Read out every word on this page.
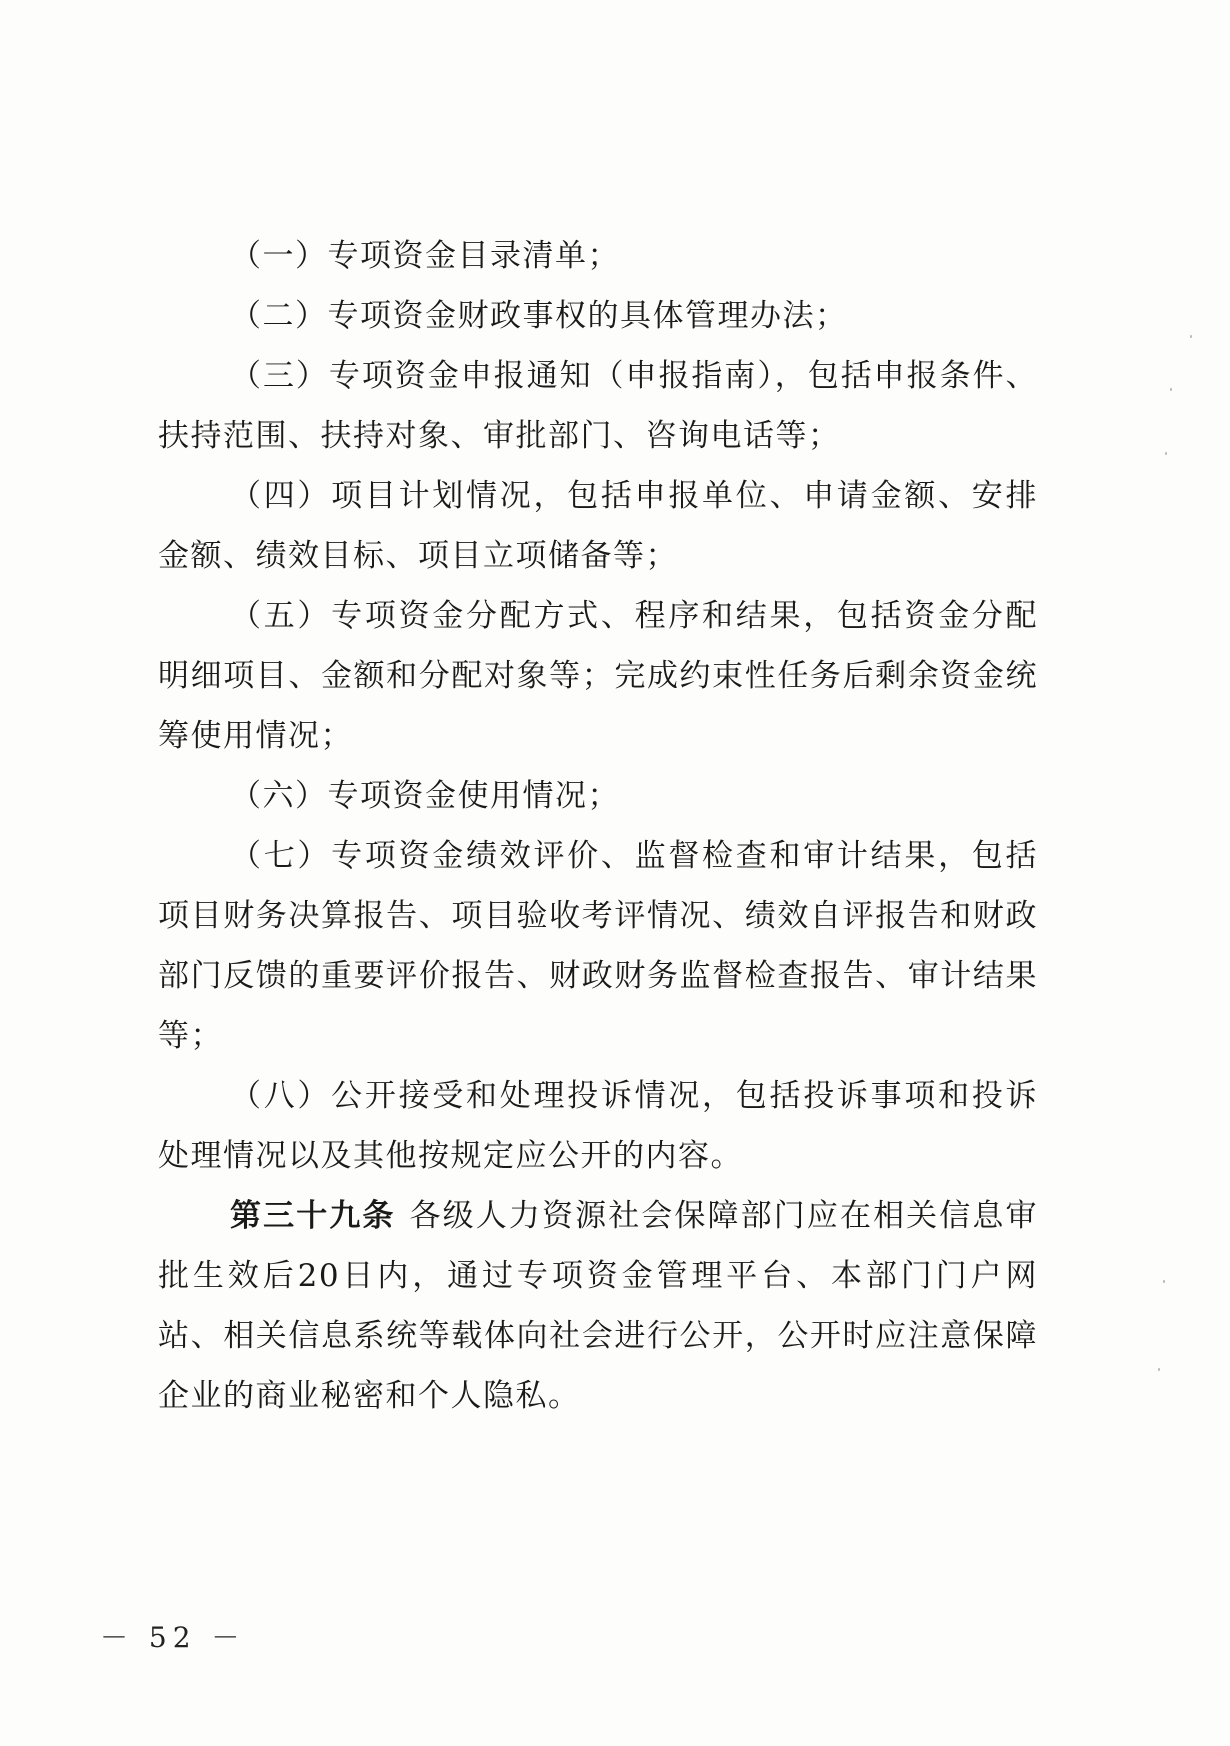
（一）专项资金目录清单；

（二）专项资金财政事权的具体管理办法；

（三）专项资金申报通知（申报指南），包括申报条件、扶持范围、扶持对象、审批部门、咨询电话等；

（四）项目计划情况，包括申报单位、申请金额、安排金额、绩效目标、项目立项储备等；

（五）专项资金分配方式、程序和结果，包括资金分配明细项目、金额和分配对象等；完成约束性任务后剩余资金统筹使用情况；

（六）专项资金使用情况；

（七）专项资金绩效评价、监督检查和审计结果，包括项目财务决算报告、项目验收考评情况、绩效自评报告和财政部门反馈的重要评价报告、财政财务监督检查报告、审计结果等；

（八）公开接受和处理投诉情况，包括投诉事项和投诉处理情况以及其他按规定应公开的内容。

第三十九条 各级人力资源社会保障部门应在相关信息审批生效后20日内，通过专项资金管理平台、本部门门户网站、相关信息系统等载体向社会进行公开，公开时应注意保障企业的商业秘密和个人隐私。

－ 52 －
